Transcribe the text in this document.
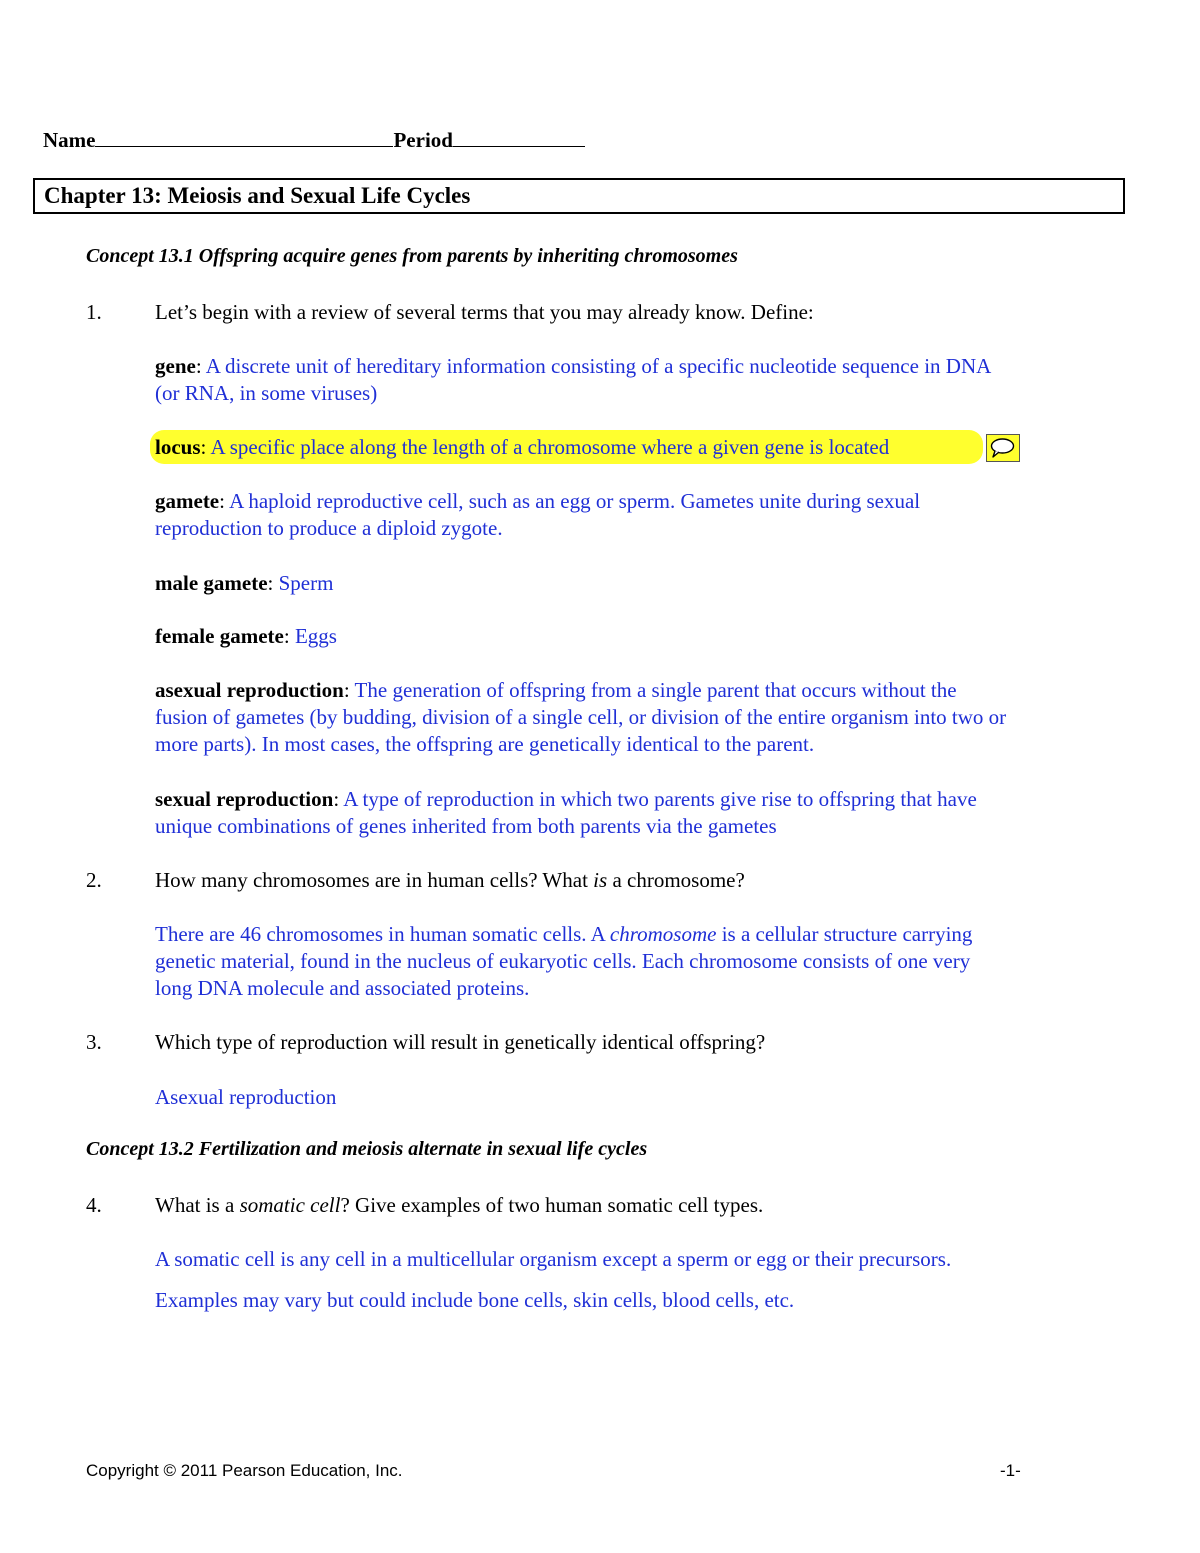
Name	Period
Chapter 13: Meiosis and Sexual Life Cycles
Concept 13.1 Offspring acquire genes from parents by inheriting chromosomes
1.	Let’s begin with a review of several terms that you may already know. Define:
gene: A discrete unit of hereditary information consisting of a specific nucleotide sequence in DNA
(or RNA, in some viruses)
locus: A specific place along the length of a chromosome where a given gene is located
gamete: A haploid reproductive cell, such as an egg or sperm. Gametes unite during sexual
reproduction to produce a diploid zygote.
male gamete: Sperm
female gamete: Eggs
asexual reproduction: The generation of offspring from a single parent that occurs without the
fusion of gametes (by budding, division of a single cell, or division of the entire organism into two or
more parts). In most cases, the offspring are genetically identical to the parent.
sexual reproduction: A type of reproduction in which two parents give rise to offspring that have
unique combinations of genes inherited from both parents via the gametes
2.	How many chromosomes are in human cells? What is a chromosome?
There are 46 chromosomes in human somatic cells. A chromosome is a cellular structure carrying
genetic material, found in the nucleus of eukaryotic cells. Each chromosome consists of one very
long DNA molecule and associated proteins.
3.	Which type of reproduction will result in genetically identical offspring?
Asexual reproduction
Concept 13.2 Fertilization and meiosis alternate in sexual life cycles
4.	What is a somatic cell? Give examples of two human somatic cell types.
A somatic cell is any cell in a multicellular organism except a sperm or egg or their precursors.
Examples may vary but could include bone cells, skin cells, blood cells, etc.
Copyright © 2011 Pearson Education, Inc.	-1-
